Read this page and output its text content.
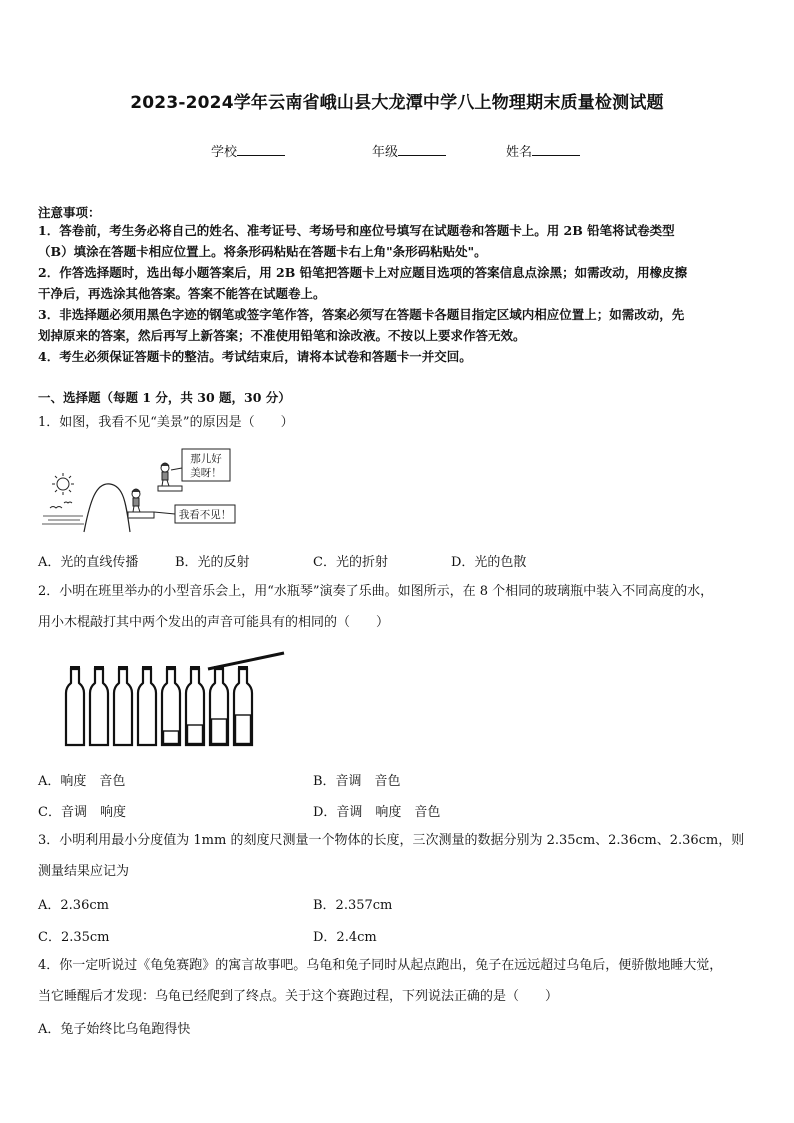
2023-2024学年云南省峨山县大龙潭中学八上物理期末质量检测试题
学校	年级	姓名
注意事项：
1．答卷前，考生务必将自己的姓名、准考证号、考场号和座位号填写在试题卷和答题卡上。用 2B 铅笔将试卷类型
（B）填涂在答题卡相应位置上。将条形码粘贴在答题卡右上角"条形码粘贴处"。
2．作答选择题时，选出每小题答案后，用 2B 铅笔把答题卡上对应题目选项的答案信息点涂黑；如需改动，用橡皮擦
干净后，再选涂其他答案。答案不能答在试题卷上。
3．非选择题必须用黑色字迹的钢笔或签字笔作答，答案必须写在答题卡各题目指定区域内相应位置上；如需改动，先
划掉原来的答案，然后再写上新答案；不准使用铅笔和涂改液。不按以上要求作答无效。
4．考生必须保证答题卡的整洁。考试结束后，请将本试卷和答题卡一并交回。
一、选择题（每题 1 分，共 30 题，30 分）
1．如图，我看不见“美景”的原因是（　　）
那儿好
美呀！
我看不见！
A．光的直线传播	B．光的反射	C．光的折射	D．光的色散
2．小明在班里举办的小型音乐会上，用“水瓶琴”演奏了乐曲。如图所示，在 8 个相同的玻璃瓶中装入不同高度的水，
用小木棍敲打其中两个发出的声音可能具有的相同的（　　）
A．响度　音色	B．音调　音色
C．音调　响度	D．音调　响度　音色
3．小明利用最小分度值为 1mm 的刻度尺测量一个物体的长度，三次测量的数据分别为 2.35cm、2.36cm、2.36cm，则
测量结果应记为
A．2.36cm	B．2.357cm
C．2.35cm	D．2.4cm
4．你一定听说过《龟兔赛跑》的寓言故事吧。乌龟和兔子同时从起点跑出，兔子在远远超过乌龟后，便骄傲地睡大觉，
当它睡醒后才发现：乌龟已经爬到了终点。关于这个赛跑过程，下列说法正确的是（　　）
A．兔子始终比乌龟跑得快
